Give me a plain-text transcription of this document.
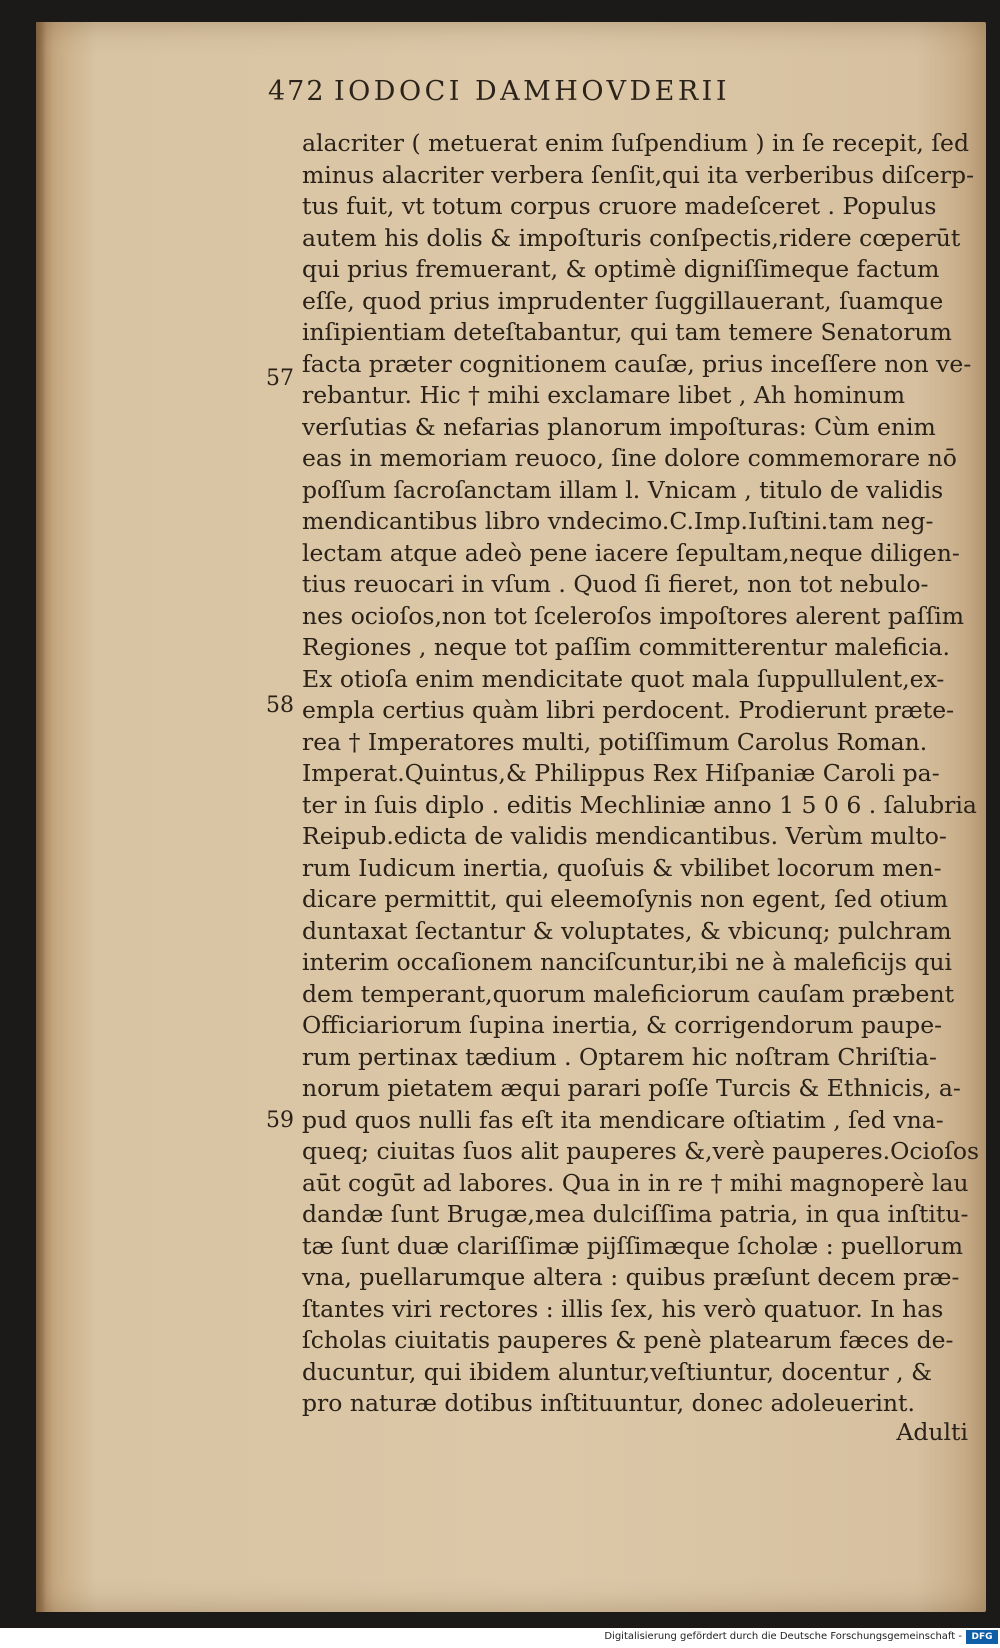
472 IODOCI DAMHOVDERII
57
58
59
alacriter ( metuerat enim ſuſpendium ) in ſe recepit, ſed
minus alacriter verbera ſenſit,qui ita verberibus diſcerp-
tus fuit, vt totum corpus cruore madeſceret . Populus
autem his dolis & impoſturis conſpectis,ridere cœperūt
qui prius fremuerant, & optimè digniſſimeque factum
eſſe, quod prius imprudenter ſuggillauerant, ſuamque
inſipientiam deteſtabantur, qui tam temere Senatorum
facta præter cognitionem cauſæ, prius inceſſere non ve-
rebantur. Hic † mihi exclamare libet , Ah hominum
verſutias & nefarias planorum impoſturas: Cùm enim
eas in memoriam reuoco, ſine dolore commemorare nō
poſſum ſacroſanctam illam l. Vnicam , titulo de validis
mendicantibus libro vndecimo.C.Imp.Iuſtini.tam neg-
lectam atque adeò pene iacere ſepultam,neque diligen-
tius reuocari in vſum . Quod ſi fieret, non tot nebulo-
nes ocioſos,non tot ſceleroſos impoſtores alerent paſſim
Regiones , neque tot paſſim committerentur maleficia.
Ex otioſa enim mendicitate quot mala ſuppullulent,ex-
empla certius quàm libri perdocent. Prodierunt præte-
rea † Imperatores multi, potiſſimum Carolus Roman.
Imperat.Quintus,& Philippus Rex Hiſpaniæ Caroli pa-
ter in ſuis diplo . editis Mechliniæ anno 1 5 0 6 . ſalubria
Reipub.edicta de validis mendicantibus. Verùm multo-
rum Iudicum inertia, quoſuis & vbilibet locorum men-
dicare permittit, qui eleemoſynis non egent, ſed otium
duntaxat ſectantur & voluptates, & vbicunq; pulchram
interim occaſionem nanciſcuntur,ibi ne à maleficijs qui
dem temperant,quorum maleficiorum cauſam præbent
Officiariorum ſupina inertia, & corrigendorum paupe-
rum pertinax tædium . Optarem hic noſtram Chriſtia-
norum pietatem æqui parari poſſe Turcis & Ethnicis, a-
pud quos nulli fas eſt ita mendicare oſtiatim , ſed vna-
queq; ciuitas ſuos alit pauperes &,verè pauperes.Ocioſos
aūt cogūt ad labores. Qua in in re † mihi magnoperè lau
dandæ ſunt Brugæ,mea dulciſſima patria, in qua inſtitu-
tæ ſunt duæ clariſſimæ pijſſimæque ſcholæ : puellorum
vna, puellarumque altera : quibus præſunt decem præ-
ſtantes viri rectores : illis ſex, his verò quatuor. In has
ſcholas ciuitatis pauperes & penè platearum fæces de-
ducuntur, qui ibidem aluntur,veſtiuntur, docentur , &
pro naturæ dotibus inſtituuntur, donec adoleuerint.
Adulti
Digitalisierung gefördert durch die Deutsche Forschungsgemeinschaft -	DFG
